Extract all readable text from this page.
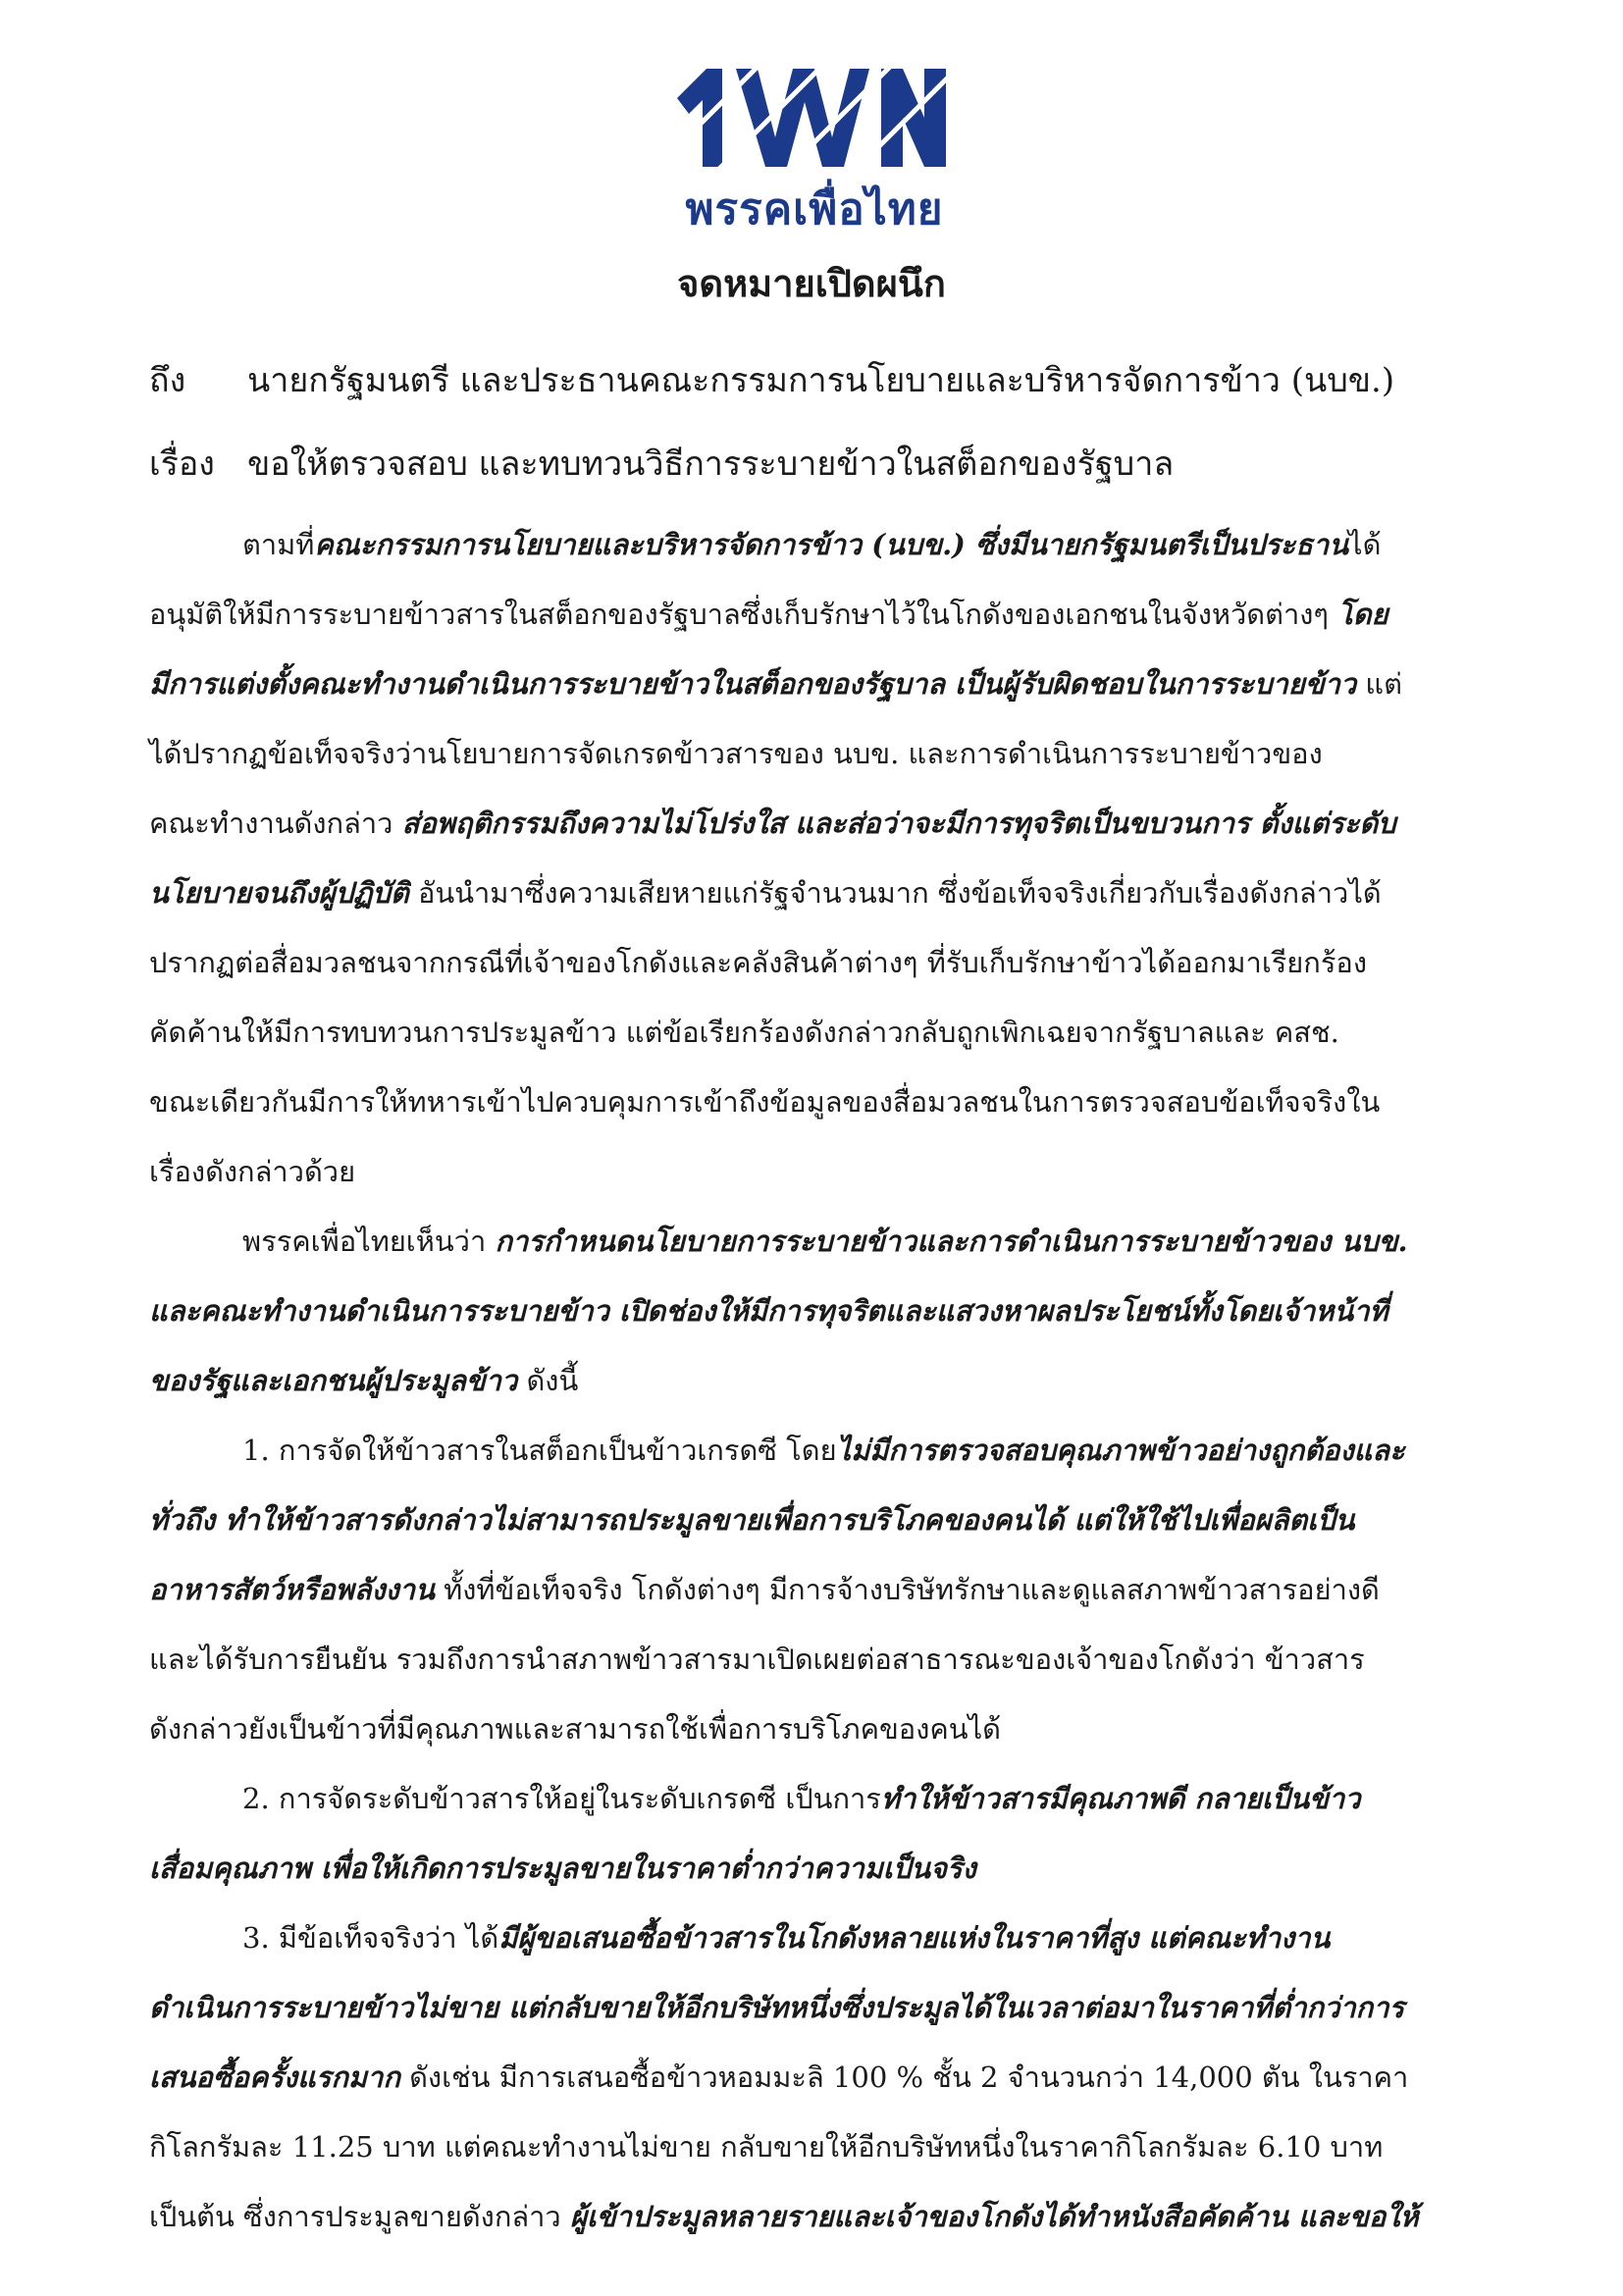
พรรคเพื่อไทย
จดหมายเปิดผนึก
ถึง นายกรัฐมนตรี และประธานคณะกรรมการนโยบายและบริหารจัดการข้าว (นบข.)
เรื่อง ขอให้ตรวจสอบ และทบทวนวิธีการระบายข้าวในสต็อกของรัฐบาล
ตามที่คณะกรรมการนโยบายและบริหารจัดการข้าว (นบข.) ซึ่งมีนายกรัฐมนตรีเป็นประธานได้
อนุมัติให้มีการระบายข้าวสารในสต็อกของรัฐบาลซึ่งเก็บรักษาไว้ในโกดังของเอกชนในจังหวัดต่างๆ โดย
มีการแต่งตั้งคณะทำงานดำเนินการระบายข้าวในสต็อกของรัฐบาล เป็นผู้รับผิดชอบในการระบายข้าว แต่
ได้ปรากฏข้อเท็จจริงว่านโยบายการจัดเกรดข้าวสารของ นบข. และการดำเนินการระบายข้าวของ
คณะทำงานดังกล่าว ส่อพฤติกรรมถึงความไม่โปร่งใส และส่อว่าจะมีการทุจริตเป็นขบวนการ ตั้งแต่ระดับ
นโยบายจนถึงผู้ปฏิบัติ อันนำมาซึ่งความเสียหายแก่รัฐจำนวนมาก ซึ่งข้อเท็จจริงเกี่ยวกับเรื่องดังกล่าวได้
ปรากฏต่อสื่อมวลชนจากกรณีที่เจ้าของโกดังและคลังสินค้าต่างๆ ที่รับเก็บรักษาข้าวได้ออกมาเรียกร้อง
คัดค้านให้มีการทบทวนการประมูลข้าว แต่ข้อเรียกร้องดังกล่าวกลับถูกเพิกเฉยจากรัฐบาลและ คสช.
ขณะเดียวกันมีการให้ทหารเข้าไปควบคุมการเข้าถึงข้อมูลของสื่อมวลชนในการตรวจสอบข้อเท็จจริงใน
เรื่องดังกล่าวด้วย
พรรคเพื่อไทยเห็นว่า การกำหนดนโยบายการระบายข้าวและการดำเนินการระบายข้าวของ นบข.
และคณะทำงานดำเนินการระบายข้าว เปิดช่องให้มีการทุจริตและแสวงหาผลประโยชน์ทั้งโดยเจ้าหน้าที่
ของรัฐและเอกชนผู้ประมูลข้าว ดังนี้
1. การจัดให้ข้าวสารในสต็อกเป็นข้าวเกรดซี โดยไม่มีการตรวจสอบคุณภาพข้าวอย่างถูกต้องและ
ทั่วถึง ทำให้ข้าวสารดังกล่าวไม่สามารถประมูลขายเพื่อการบริโภคของคนได้ แต่ให้ใช้ไปเพื่อผลิตเป็น
อาหารสัตว์หรือพลังงาน ทั้งที่ข้อเท็จจริง โกดังต่างๆ มีการจ้างบริษัทรักษาและดูแลสภาพข้าวสารอย่างดี
และได้รับการยืนยัน รวมถึงการนำสภาพข้าวสารมาเปิดเผยต่อสาธารณะของเจ้าของโกดังว่า ข้าวสาร
ดังกล่าวยังเป็นข้าวที่มีคุณภาพและสามารถใช้เพื่อการบริโภคของคนได้
2. การจัดระดับข้าวสารให้อยู่ในระดับเกรดซี เป็นการทำให้ข้าวสารมีคุณภาพดี กลายเป็นข้าว
เสื่อมคุณภาพ เพื่อให้เกิดการประมูลขายในราคาต่ำกว่าความเป็นจริง
3. มีข้อเท็จจริงว่า ได้มีผู้ขอเสนอซื้อข้าวสารในโกดังหลายแห่งในราคาที่สูง แต่คณะทำงาน
ดำเนินการระบายข้าวไม่ขาย แต่กลับขายให้อีกบริษัทหนึ่งซึ่งประมูลได้ในเวลาต่อมาในราคาที่ต่ำกว่าการ
เสนอซื้อครั้งแรกมาก ดังเช่น มีการเสนอซื้อข้าวหอมมะลิ 100 % ชั้น 2 จำนวนกว่า 14,000 ตัน ในราคา
กิโลกรัมละ 11.25 บาท แต่คณะทำงานไม่ขาย กลับขายให้อีกบริษัทหนึ่งในราคากิโลกรัมละ 6.10 บาท
เป็นต้น ซึ่งการประมูลขายดังกล่าว ผู้เข้าประมูลหลายรายและเจ้าของโกดังได้ทำหนังสือคัดค้าน และขอให้
